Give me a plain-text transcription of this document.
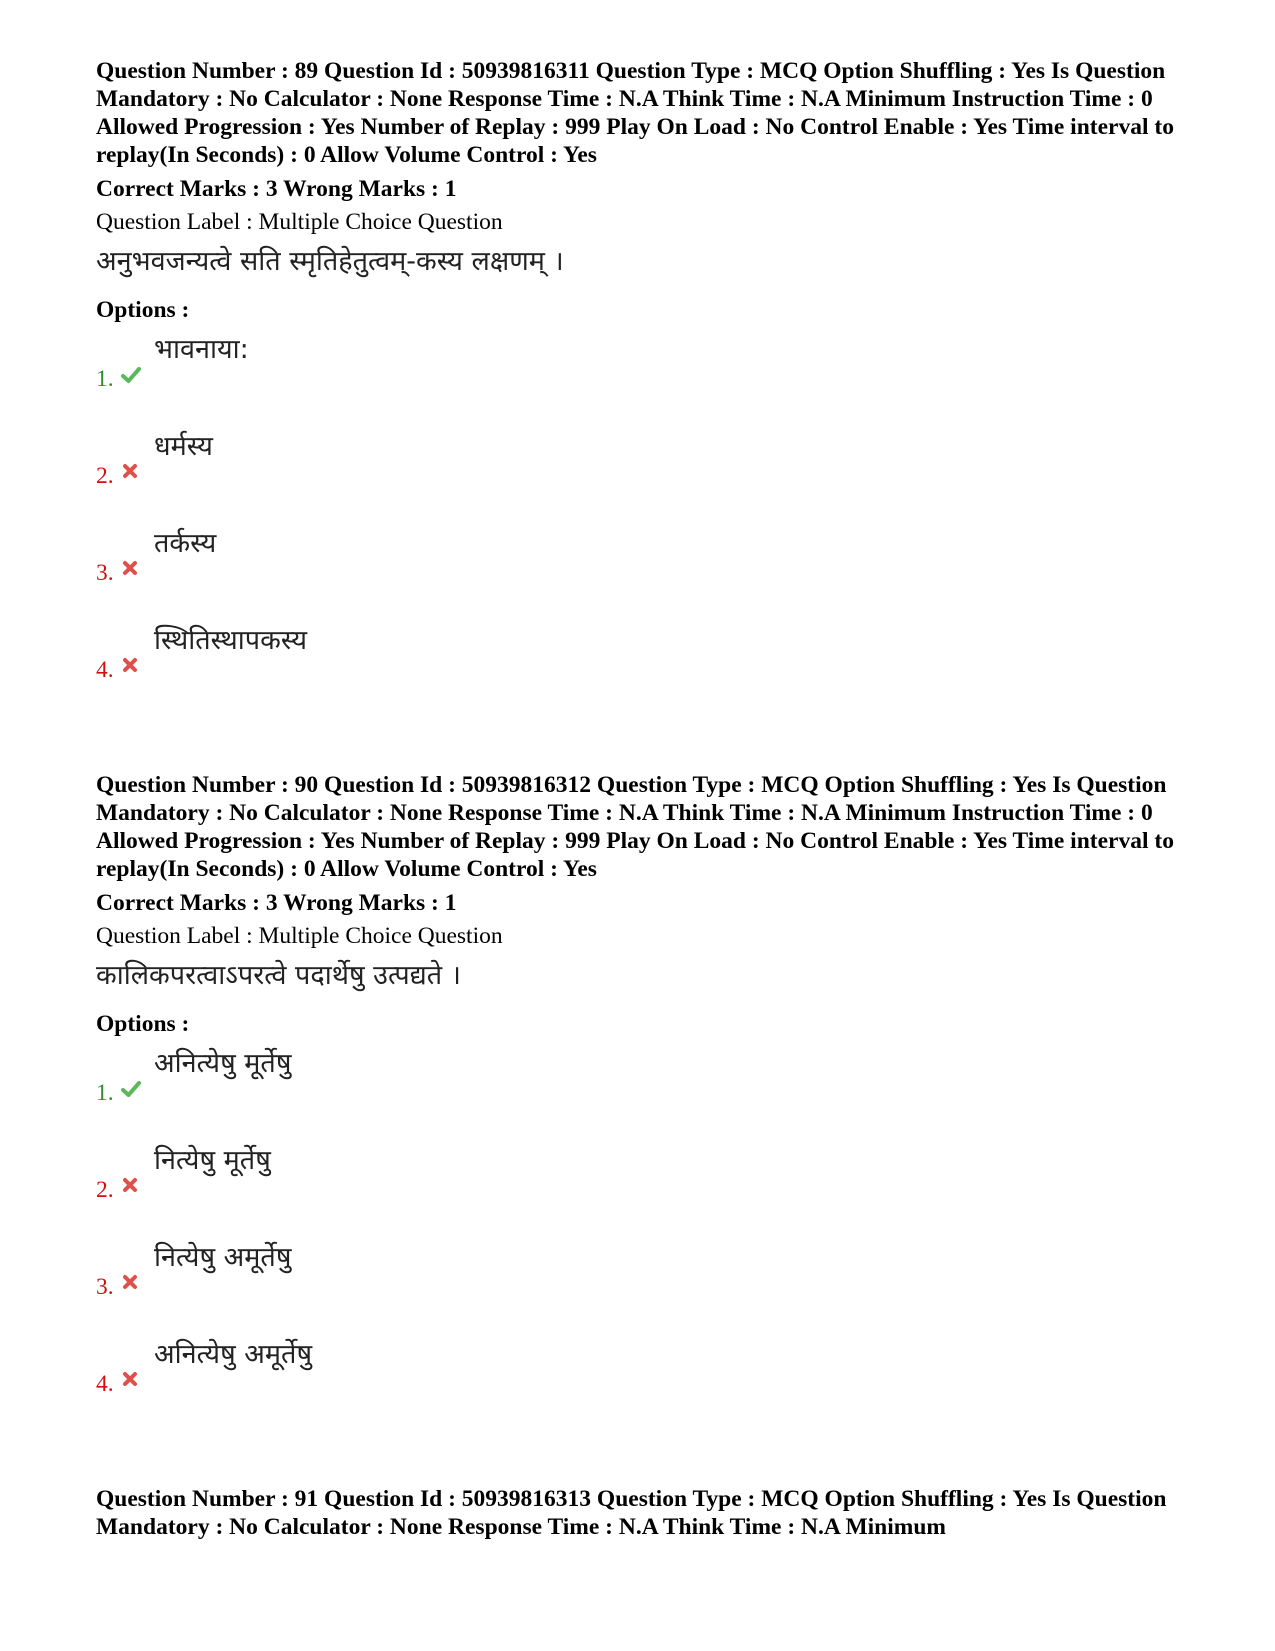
Question Number : 89 Question Id : 50939816311 Question Type : MCQ Option Shuffling : Yes Is Question Mandatory : No Calculator : None Response Time : N.A Think Time : N.A Minimum Instruction Time : 0 Allowed Progression : Yes Number of Replay : 999 Play On Load : No Control Enable : Yes Time interval to replay(In Seconds) : 0 Allow Volume Control : Yes

Correct Marks : 3 Wrong Marks : 1
Question Label : Multiple Choice Question
अनुभवजन्यत्वे सति स्मृतिहेतुत्वम्-कस्य लक्षणम् ।
Options :
1.
भावनाया:
2.
धर्मस्य
3.
तर्कस्य
4.
स्थितिस्थापकस्य

Question Number : 90 Question Id : 50939816312 Question Type : MCQ Option Shuffling : Yes Is Question Mandatory : No Calculator : None Response Time : N.A Think Time : N.A Minimum Instruction Time : 0 Allowed Progression : Yes Number of Replay : 999 Play On Load : No Control Enable : Yes Time interval to replay(In Seconds) : 0 Allow Volume Control : Yes

Correct Marks : 3 Wrong Marks : 1
Question Label : Multiple Choice Question
कालिकपरत्वाऽपरत्वे पदार्थेषु उत्पद्यते ।
Options :
1.
अनित्येषु मूर्तेषु
2.
नित्येषु मूर्तेषु
3.
नित्येषु अमूर्तेषु
4.
अनित्येषु अमूर्तेषु

Question Number : 91 Question Id : 50939816313 Question Type : MCQ Option Shuffling : Yes Is Question Mandatory : No Calculator : None Response Time : N.A Think Time : N.A Minimum
